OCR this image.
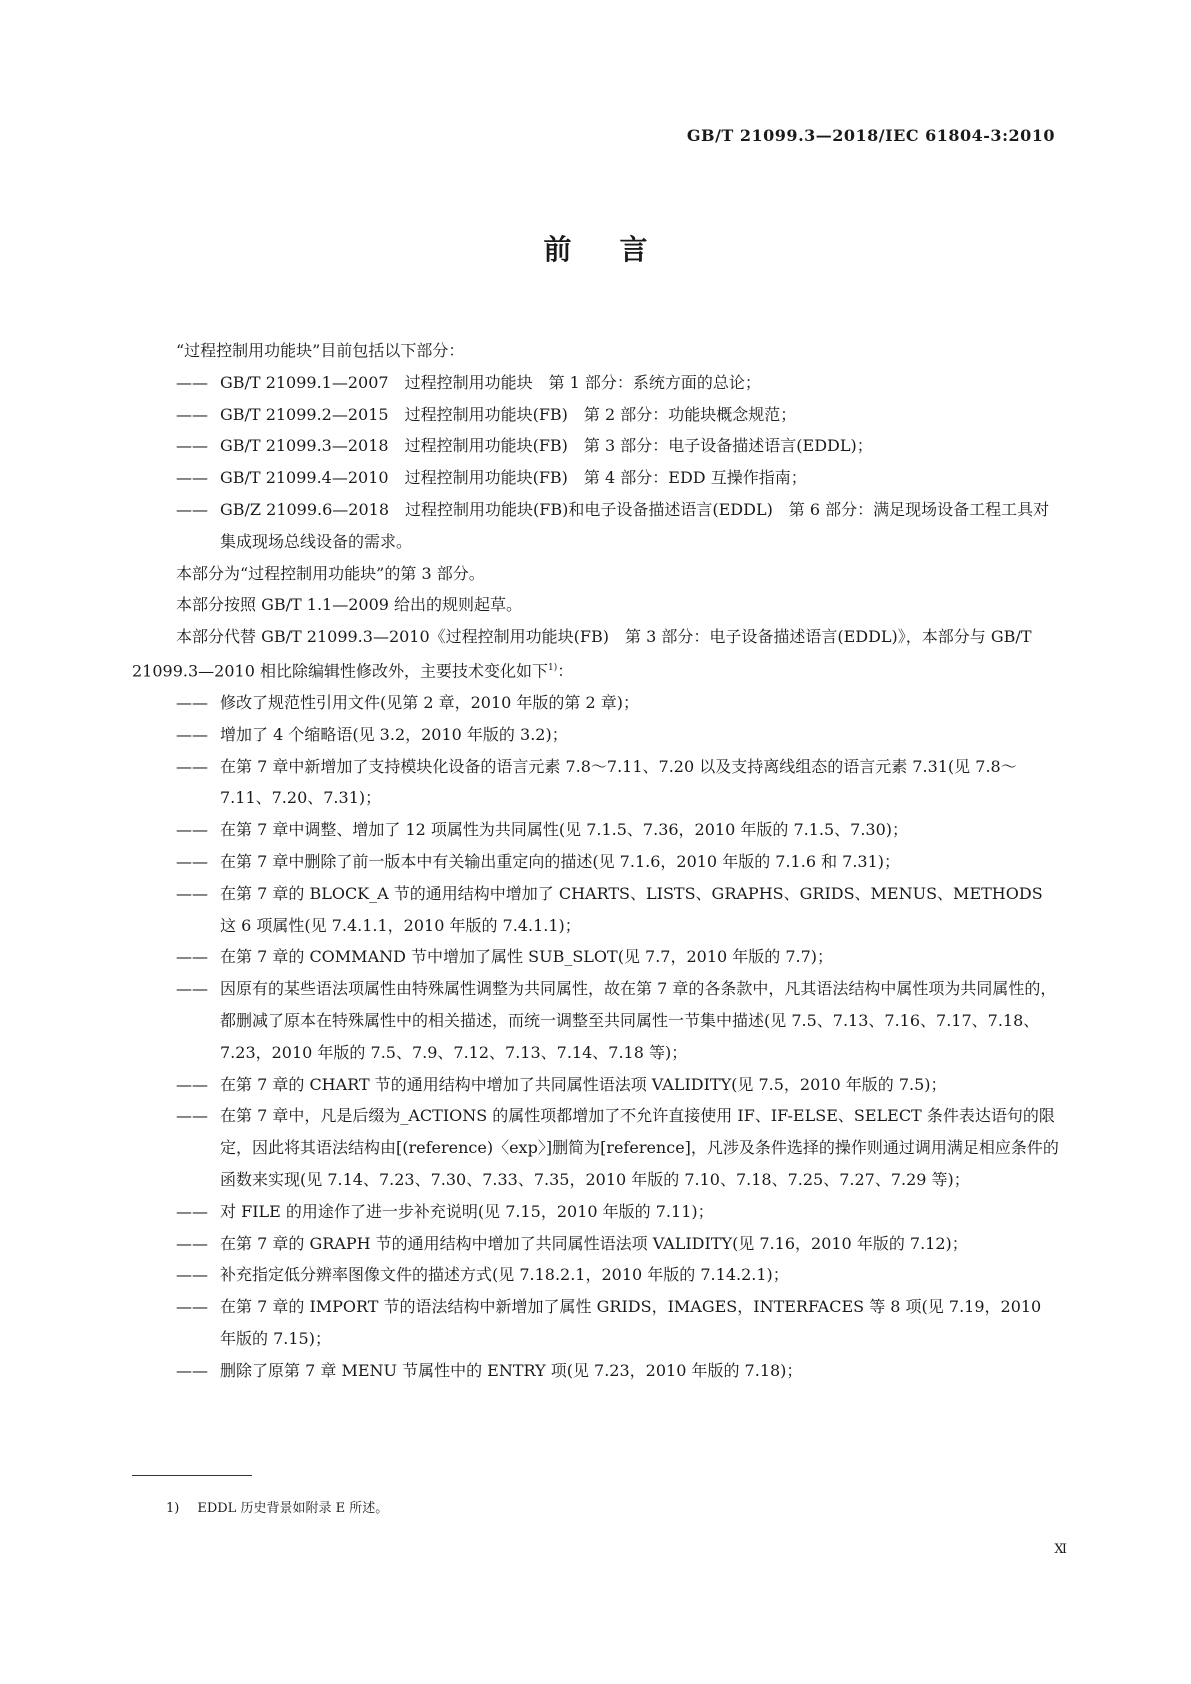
GB/T 21099.3—2018/IEC 61804-3:2010
前言

“过程控制用功能块”目前包括以下部分：

—— GB/T 21099.1—2007　过程控制用功能块　第 1 部分：系统方面的总论；

—— GB/T 21099.2—2015　过程控制用功能块(FB)　第 2 部分：功能块概念规范；

—— GB/T 21099.3—2018　过程控制用功能块(FB)　第 3 部分：电子设备描述语言(EDDL)；

—— GB/T 21099.4—2010　过程控制用功能块(FB)　第 4 部分：EDD 互操作指南；

—— GB/Z 21099.6—2018　过程控制用功能块(FB)和电子设备描述语言(EDDL)　第 6 部分：满足现场设备工程工具对集成现场总线设备的需求。

本部分为“过程控制用功能块”的第 3 部分。

本部分按照 GB/T 1.1—2009 给出的规则起草。

本部分代替 GB/T 21099.3—2010《过程控制用功能块(FB)　第 3 部分：电子设备描述语言(EDDL)》，本部分与 GB/T 21099.3—2010 相比除编辑性修改外，主要技术变化如下$^{1)}$：

—— 修改了规范性引用文件(见第 2 章，2010 年版的第 2 章)；

—— 增加了 4 个缩略语(见 3.2，2010 年版的 3.2)；

—— 在第 7 章中新增加了支持模块化设备的语言元素 7.8～7.11、7.20 以及支持离线组态的语言元素 7.31(见 7.8～7.11、7.20、7.31)；

—— 在第 7 章中调整、增加了 12 项属性为共同属性(见 7.1.5、7.36，2010 年版的 7.1.5、7.30)；

—— 在第 7 章中删除了前一版本中有关输出重定向的描述(见 7.1.6，2010 年版的 7.1.6 和 7.31)；

—— 在第 7 章的 BLOCK_A 节的通用结构中增加了 CHARTS、LISTS、GRAPHS、GRIDS、MENUS、METHODS 这 6 项属性(见 7.4.1.1，2010 年版的 7.4.1.1)；

—— 在第 7 章的 COMMAND 节中增加了属性 SUB_SLOT(见 7.7，2010 年版的 7.7)；

—— 因原有的某些语法项属性由特殊属性调整为共同属性，故在第 7 章的各条款中，凡其语法结构中属性项为共同属性的，都删减了原本在特殊属性中的相关描述，而统一调整至共同属性一节集中描述(见 7.5、7.13、7.16、7.17、7.18、7.23，2010 年版的 7.5、7.9、7.12、7.13、7.14、7.18 等)；

—— 在第 7 章的 CHART 节的通用结构中增加了共同属性语法项 VALIDITY(见 7.5，2010 年版的 7.5)；

—— 在第 7 章中，凡是后缀为_ACTIONS 的属性项都增加了不允许直接使用 IF、IF-ELSE、SELECT 条件表达语句的限定，因此将其语法结构由[(reference)〈exp〉]删简为[reference]，凡涉及条件选择的操作则通过调用满足相应条件的函数来实现(见 7.14、7.23、7.30、7.33、7.35，2010 年版的 7.10、7.18、7.25、7.27、7.29 等)；

—— 对 FILE 的用途作了进一步补充说明(见 7.15，2010 年版的 7.11)；

—— 在第 7 章的 GRAPH 节的通用结构中增加了共同属性语法项 VALIDITY(见 7.16，2010 年版的 7.12)；

—— 补充指定低分辨率图像文件的描述方式(见 7.18.2.1，2010 年版的 7.14.2.1)；

—— 在第 7 章的 IMPORT 节的语法结构中新增加了属性 GRIDS，IMAGES，INTERFACES 等 8 项(见 7.19，2010 年版的 7.15)；

—— 删除了原第 7 章 MENU 节属性中的 ENTRY 项(见 7.23，2010 年版的 7.18)；

1) EDDL 历史背景如附录 E 所述。
Ⅺ
